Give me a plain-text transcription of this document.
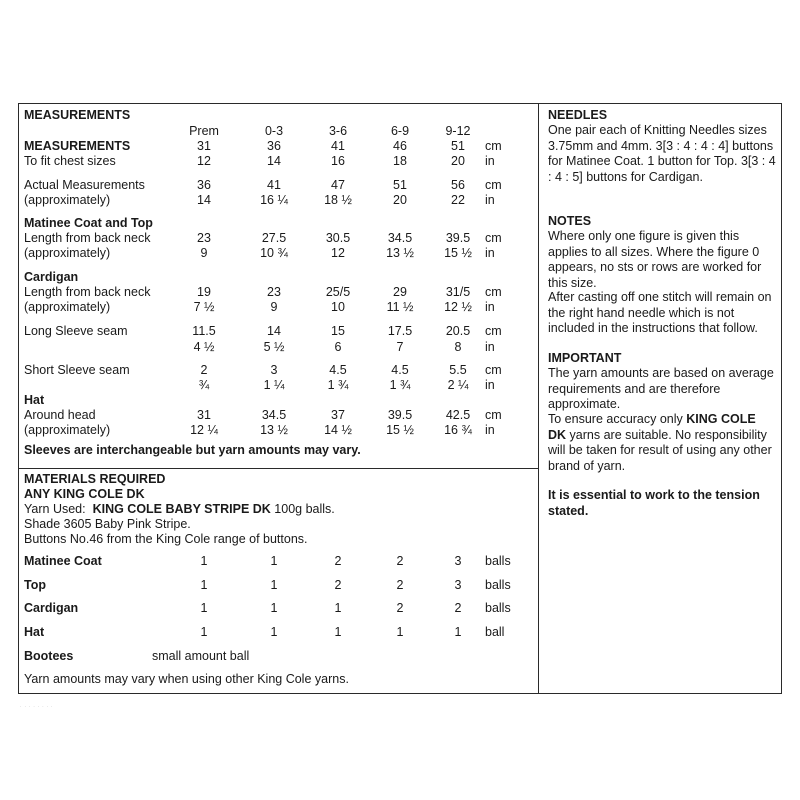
MEASUREMENTS
Prem	0-3	3-6	6-9	9-12
MEASUREMENTS	31	36	41	46	51	cm
To fit chest sizes	12	14	16	18	20	in
Actual Measurements	36	41	47	51	56	cm
(approximately)	14	16 ¼	18 ½	20	22	in
Matinee Coat and Top
Length from back neck	23	27.5	30.5	34.5	39.5	cm
(approximately)	9	10 ¾	12	13 ½	15 ½	in
Cardigan
Length from back neck	19	23	25/5	29	31/5	cm
(approximately)	7 ½	9	10	11 ½	12 ½	in
Long Sleeve seam	11.5	14	15	17.5	20.5	cm
4 ½	5 ½	6	7	8	in
Short Sleeve seam	2	3	4.5	4.5	5.5	cm
¾	1 ¼	1 ¾	1 ¾	2 ¼	in
Hat
Around head	31	34.5	37	39.5	42.5	cm
(approximately)	12 ¼	13 ½	14 ½	15 ½	16 ¾	in
Sleeves are interchangeable but yarn amounts may vary.
MATERIALS REQUIRED
ANY KING COLE DK
Yarn Used:  KING COLE BABY STRIPE DK 100g balls.
Shade 3605 Baby Pink Stripe.
Buttons No.46 from the King Cole range of buttons.
Matinee Coat	1	1	2	2	3	balls
Top	1	1	2	2	3	balls
Cardigan	1	1	1	2	2	balls
Hat	1	1	1	1	1	ball
Bootees	small amount ball
Yarn amounts may vary when using other King Cole yarns.
NEEDLES
One pair each of Knitting Needles sizes 3.75mm and 4mm. 3[3 : 4 : 4 : 4] buttons for Matinee Coat. 1 button for Top. 3[3 : 4 : 4 : 5] buttons for Cardigan.
NOTES
Where only one figure is given this applies to all sizes. Where the figure 0 appears, no sts or rows are worked for this size.
After casting off one stitch will remain on the right hand needle which is not included in the instructions that follow.
IMPORTANT
The yarn amounts are based on average requirements and are therefore approximate.
To ensure accuracy only KING COLE DK yarns are suitable. No responsibility will be taken for result of using any other brand of yarn.
It is essential to work to the tension stated.
· · · · · · · ·
